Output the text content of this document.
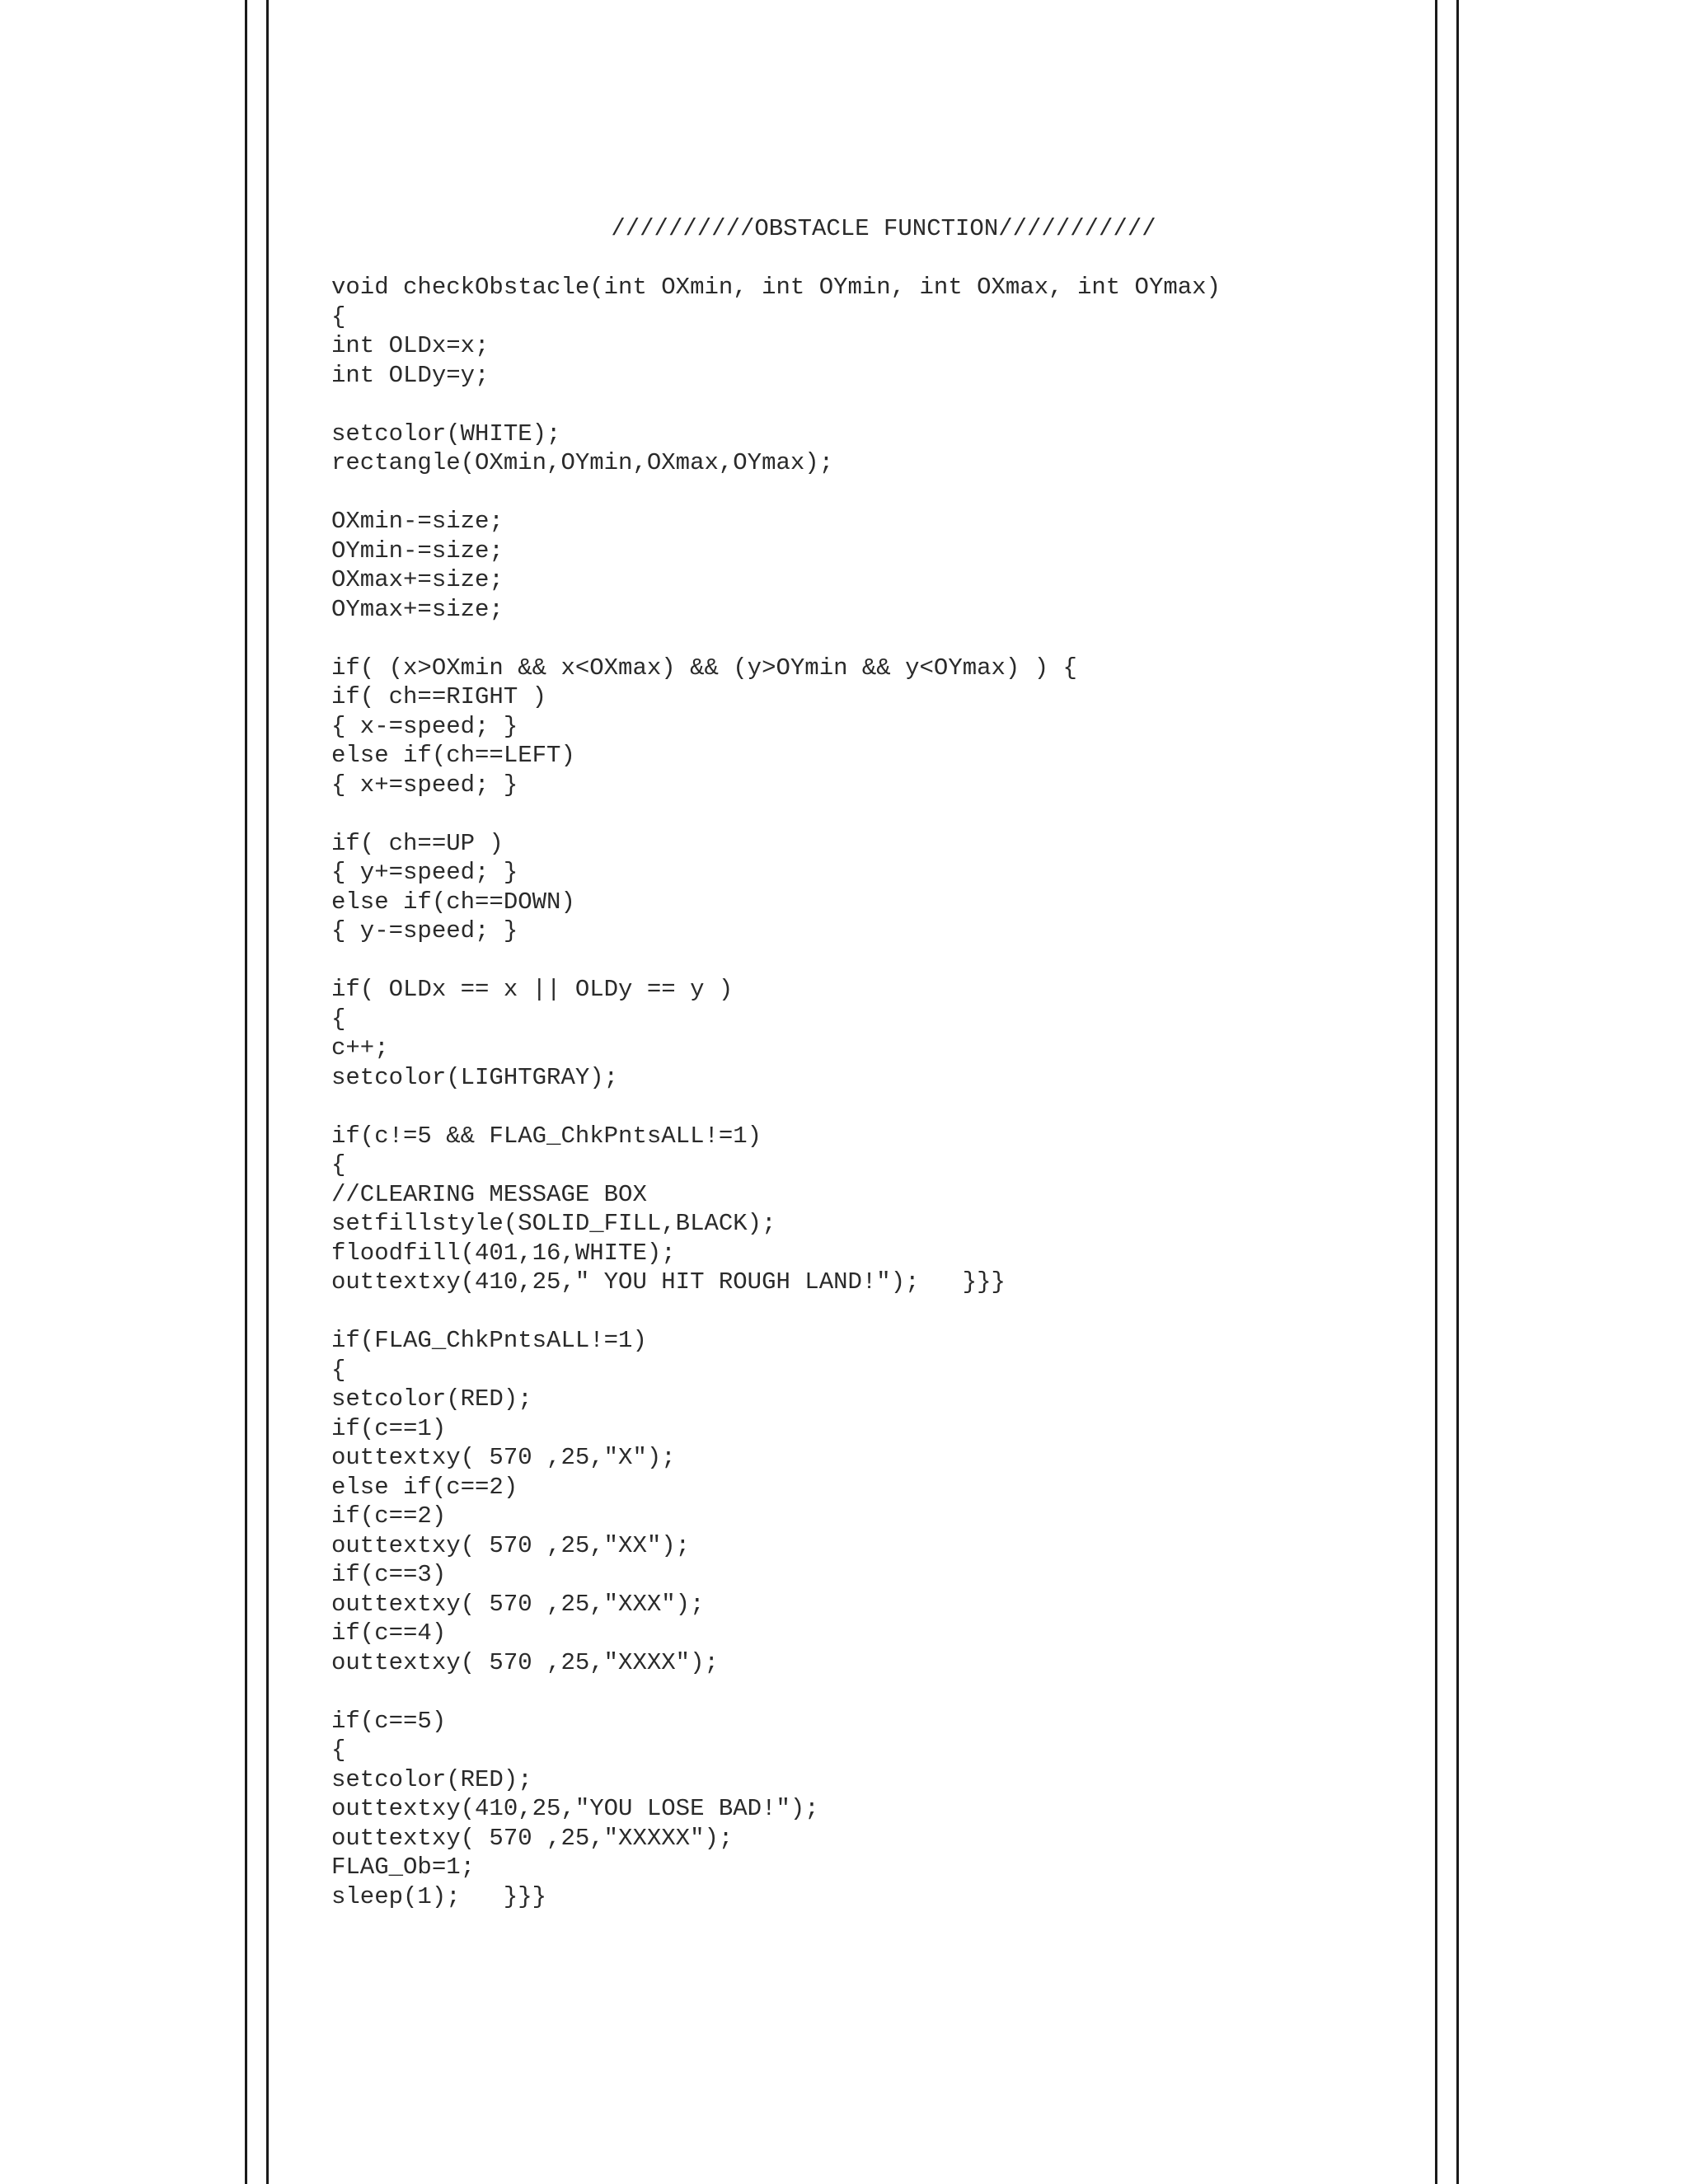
//////////OBSTACLE FUNCTION///////////
void checkObstacle(int OXmin, int OYmin, int OXmax, int OYmax)
{
int OLDx=x;
int OLDy=y;
setcolor(WHITE);
rectangle(OXmin,OYmin,OXmax,OYmax);
OXmin-=size;
OYmin-=size;
OXmax+=size;
OYmax+=size;
if( (x>OXmin && x<OXmax) && (y>OYmin && y<OYmax) ) {
if( ch==RIGHT )
{ x-=speed; }
else if(ch==LEFT)
{ x+=speed; }
if( ch==UP )
{ y+=speed; }
else if(ch==DOWN)
{ y-=speed; }
if( OLDx == x || OLDy == y )
{
c++;
setcolor(LIGHTGRAY);
if(c!=5 && FLAG_ChkPntsALL!=1)
{
//CLEARING MESSAGE BOX
setfillstyle(SOLID_FILL,BLACK);
floodfill(401,16,WHITE);
outtextxy(410,25," YOU HIT ROUGH LAND!");   }}}
if(FLAG_ChkPntsALL!=1)
{
setcolor(RED);
if(c==1)
outtextxy( 570 ,25,"X");
else if(c==2)
if(c==2)
outtextxy( 570 ,25,"XX");
if(c==3)
outtextxy( 570 ,25,"XXX");
if(c==4)
outtextxy( 570 ,25,"XXXX");
if(c==5)
{
setcolor(RED);
outtextxy(410,25,"YOU LOSE BAD!");
outtextxy( 570 ,25,"XXXXX");
FLAG_Ob=1;
sleep(1);   }}}
